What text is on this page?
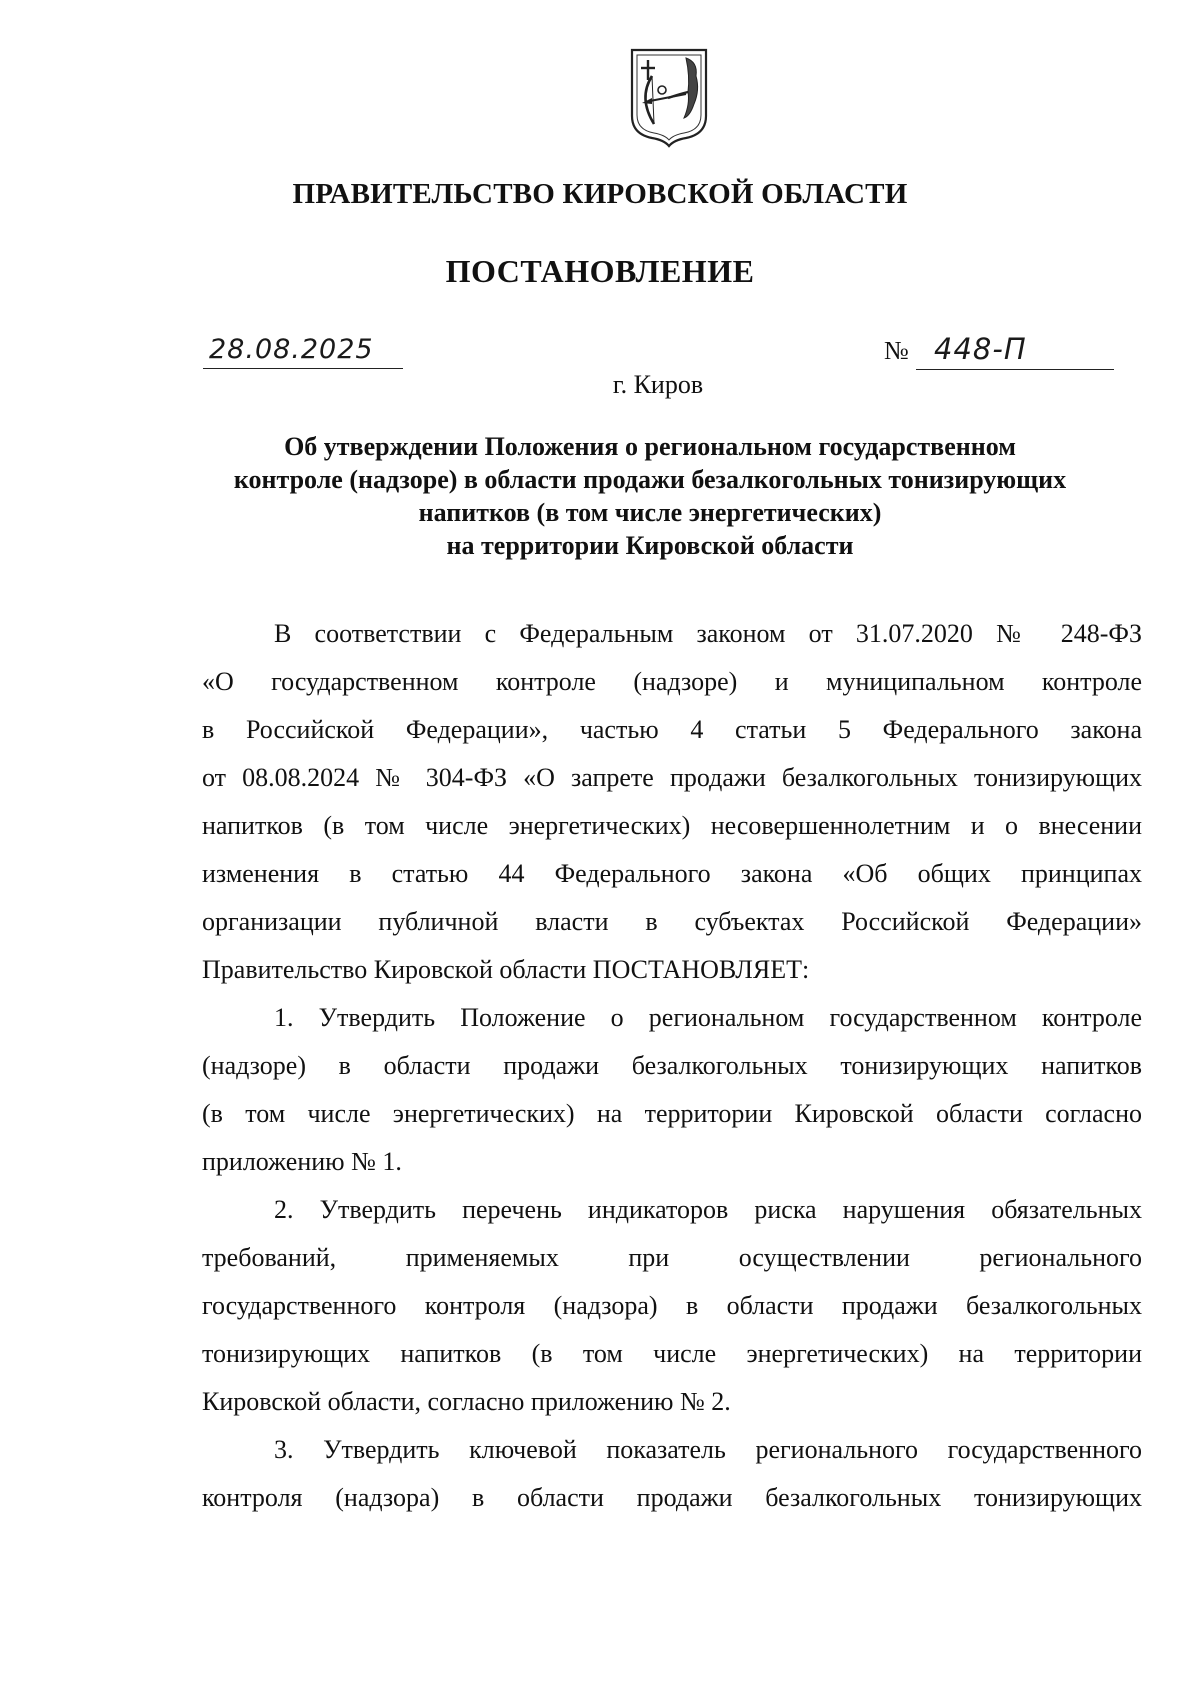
ПРАВИТЕЛЬСТВО КИРОВСКОЙ ОБЛАСТИ
ПОСТАНОВЛЕНИЕ
28.08.2025	№ 448-П
г. Киров
Об утверждении Положения о региональном государственном
контроле (надзоре) в области продажи безалкогольных тонизирующих
напитков (в том числе энергетических)
на территории Кировской области
В соответствии с Федеральным законом от 31.07.2020 № 248-ФЗ
«О государственном контроле (надзоре) и муниципальном контроле
в Российской Федерации», частью 4 статьи 5 Федерального закона
от 08.08.2024 № 304-ФЗ «О запрете продажи безалкогольных тонизирующих
напитков (в том числе энергетических) несовершеннолетним и о внесении
изменения в статью 44 Федерального закона «Об общих принципах
организации публичной власти в субъектах Российской Федерации»
Правительство Кировской области ПОСТАНОВЛЯЕТ:
1. Утвердить Положение о региональном государственном контроле
(надзоре) в области продажи безалкогольных тонизирующих напитков
(в том числе энергетических) на территории Кировской области согласно
приложению № 1.
2. Утвердить перечень индикаторов риска нарушения обязательных
требований, применяемых при осуществлении регионального
государственного контроля (надзора) в области продажи безалкогольных
тонизирующих напитков (в том числе энергетических) на территории
Кировской области, согласно приложению № 2.
3. Утвердить ключевой показатель регионального государственного
контроля (надзора) в области продажи безалкогольных тонизирующих
